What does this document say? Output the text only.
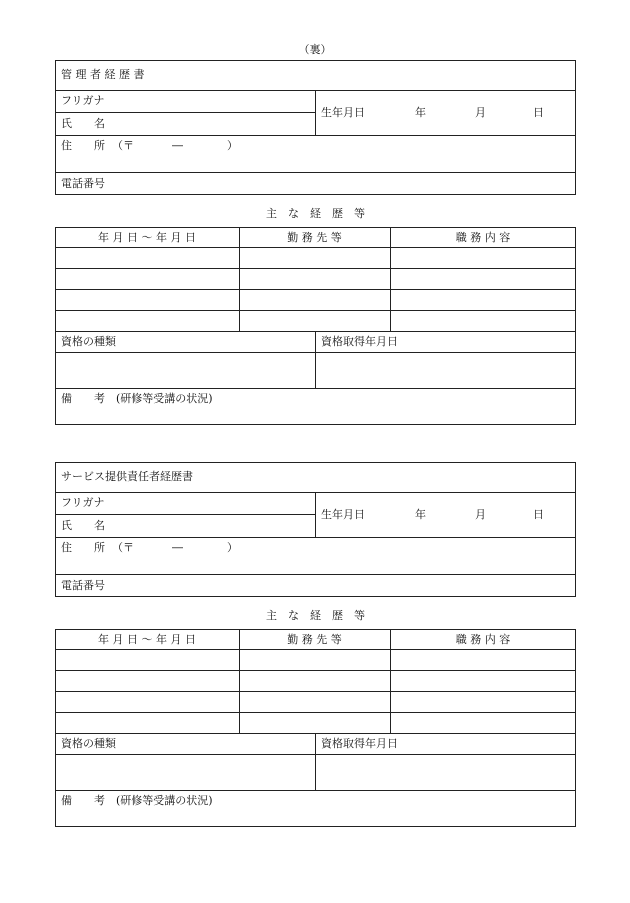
（裏）
管 理 者 経 歴 書
フリガナ
氏　　名
生年月日	年	月	日
住　　所 （〒	―	）
電話番号
主　な　経　歴　等
年 月 日 ～ 年 月 日	勤 務 先 等	職 務 内 容
資格の種類	資格取得年月日
備　　考　(研修等受講の状況)
サービス提供責任者経歴書
フリガナ
氏　　名
生年月日	年	月	日
住　　所 （〒	―	）
電話番号
主　な　経　歴　等
年 月 日 ～ 年 月 日	勤 務 先 等	職 務 内 容
資格の種類	資格取得年月日
備　　考　(研修等受講の状況)
